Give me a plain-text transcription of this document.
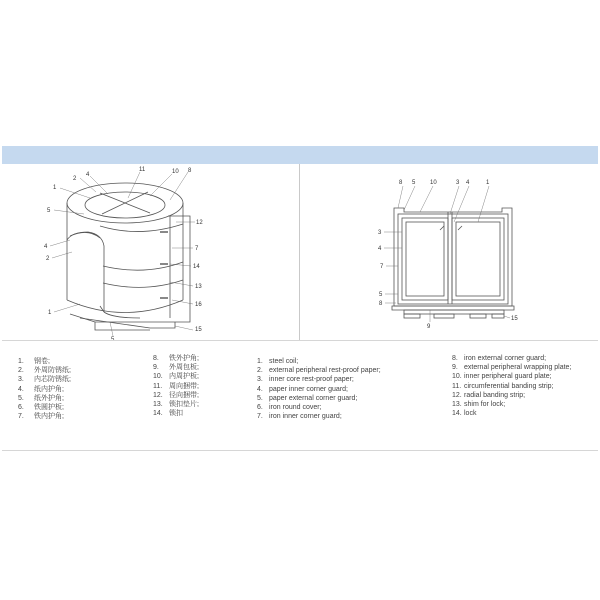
1
2
4
11	10 8
5
12
4
2
7
14
13
1
16
5
15
8 5 10	3 4	1
3
4
7
5
8
9
15
1. 钢卷;
2. 外周防锈纸;
3. 内芯防锈纸;
4. 纸内护角;
5. 纸外护角;
6. 铁圆护板;
7. 铁内护角;
8. 铁外护角;
9. 外周包板;
10. 内周护板;
11. 周向捆带;
12. 径向捆带;
13. 锁扣垫片;
14. 锁扣
1. steel coil;
2. external peripheral rest-proof paper;
3. inner core rest-proof paper;
4. paper inner corner guard;
5. paper external corner guard;
6. iron round cover;
7. iron inner corner guard;
8. iron external corner guard;
9. external peripheral wrapping plate;
10. inner peripheral guard plate;
11. circumferential banding strip;
12. radial banding strip;
13. shim for lock;
14. lock
